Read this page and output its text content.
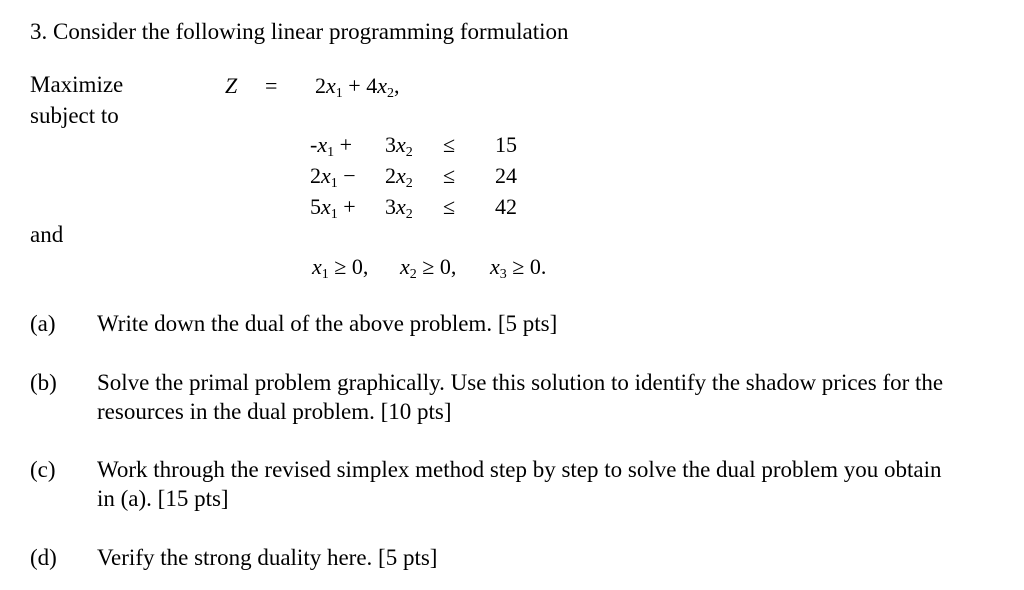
3. Consider the following linear programming formulation
Maximize
subject to
and
$Z = 2x_1 + 4x_2$,
$-x_1 + 3x_2 \le 15$
$2x_1 - 2x_2 \le 24$
$5x_1 + 3x_2 \le 42$
$x_1 \ge 0$, $x_2 \ge 0$, $x_3 \ge 0$.
(a) Write down the dual of the above problem. [5 pts]
(b) Solve the primal problem graphically. Use this solution to identify the shadow prices for the
resources in the dual problem. [10 pts]
(c) Work through the revised simplex method step by step to solve the dual problem you obtain
in (a). [15 pts]
(d) Verify the strong duality here. [5 pts]
